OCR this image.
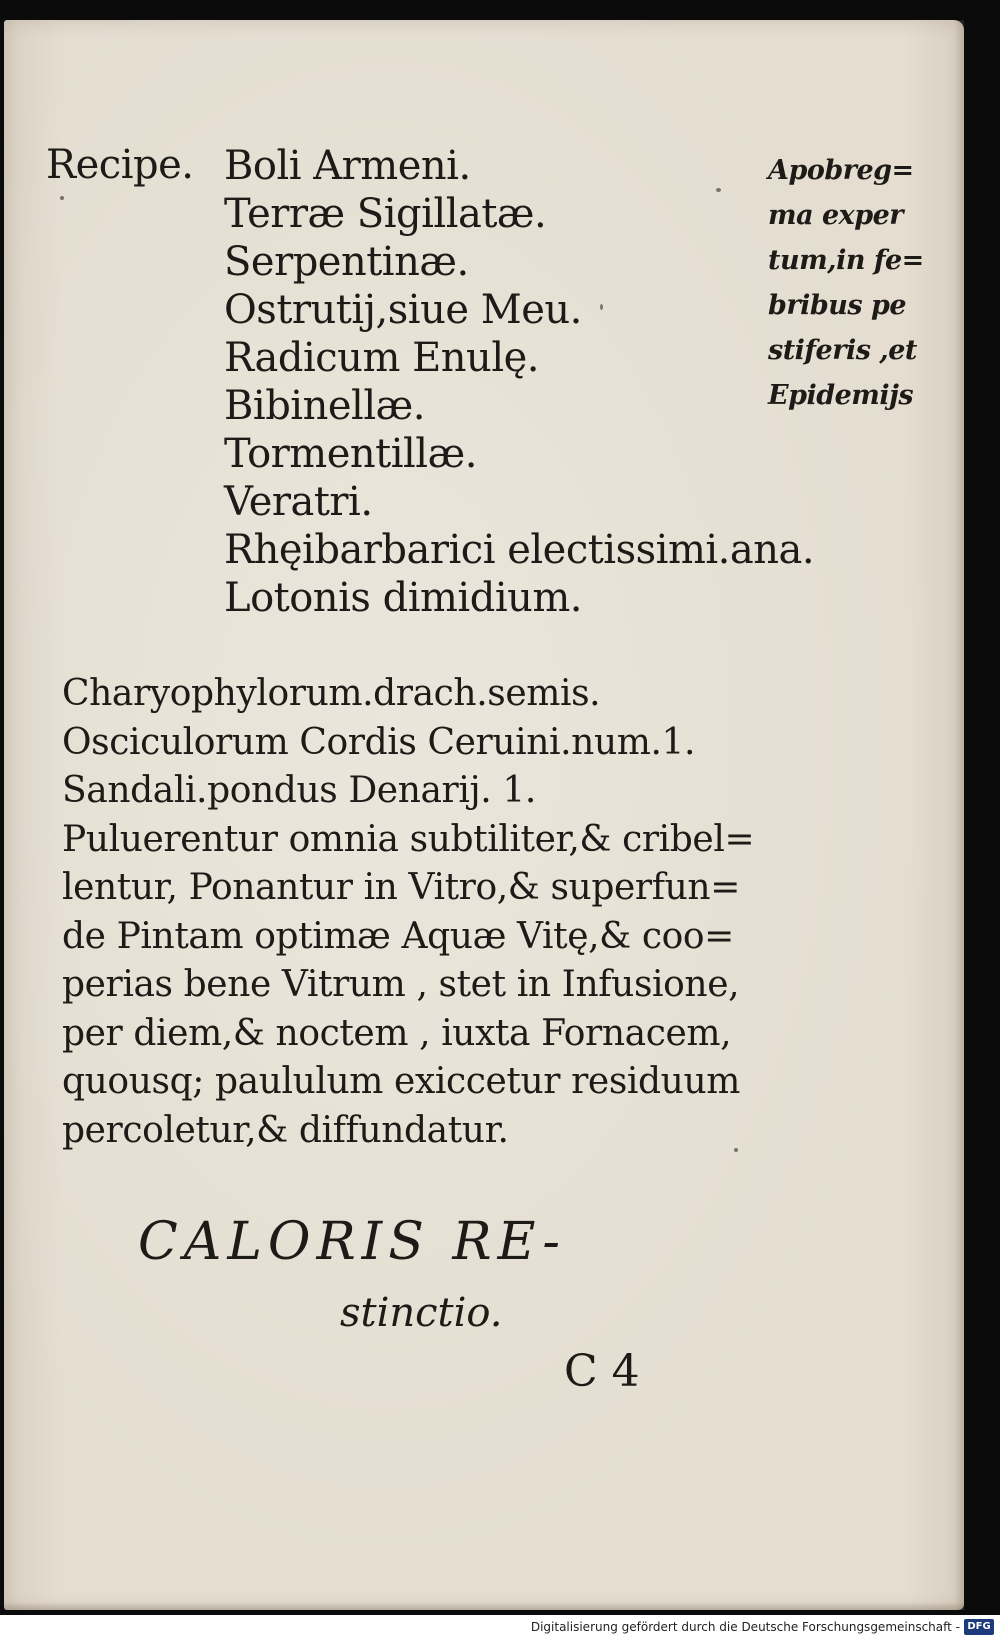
Recipe. Boli Armeni.
Terræ Sigillatæ.
Serpentinæ.
Ostrutij,siue Meu.
Radicum Enulę.
Bibinellæ.
Tormentillæ.
Veratri.
Rhęibarbarici electissimi.ana.
Lotonis dimidium.
Apobreg=
ma exper
tum,in fe=
bribus pe
stiferis ,et
Epidemijs
Charyophylorum.drach.semis.
Osciculorum Cordis Ceruini.num.1.
Sandali.pondus Denarij. 1.
Puluerentur omnia subtiliter,& cribel=
lentur, Ponantur in Vitro,& superfun=
de Pintam optimæ Aquæ Vitę,& coo=
perias bene Vitrum , stet in Infusione,
per diem,& noctem , iuxta Fornacem,
quousq; paululum exiccetur residuum
percoletur,& diffundatur.
CALORIS RE-
stinctio.
C 4
Digitalisierung gefördert durch die Deutsche Forschungsgemeinschaft - DFG
